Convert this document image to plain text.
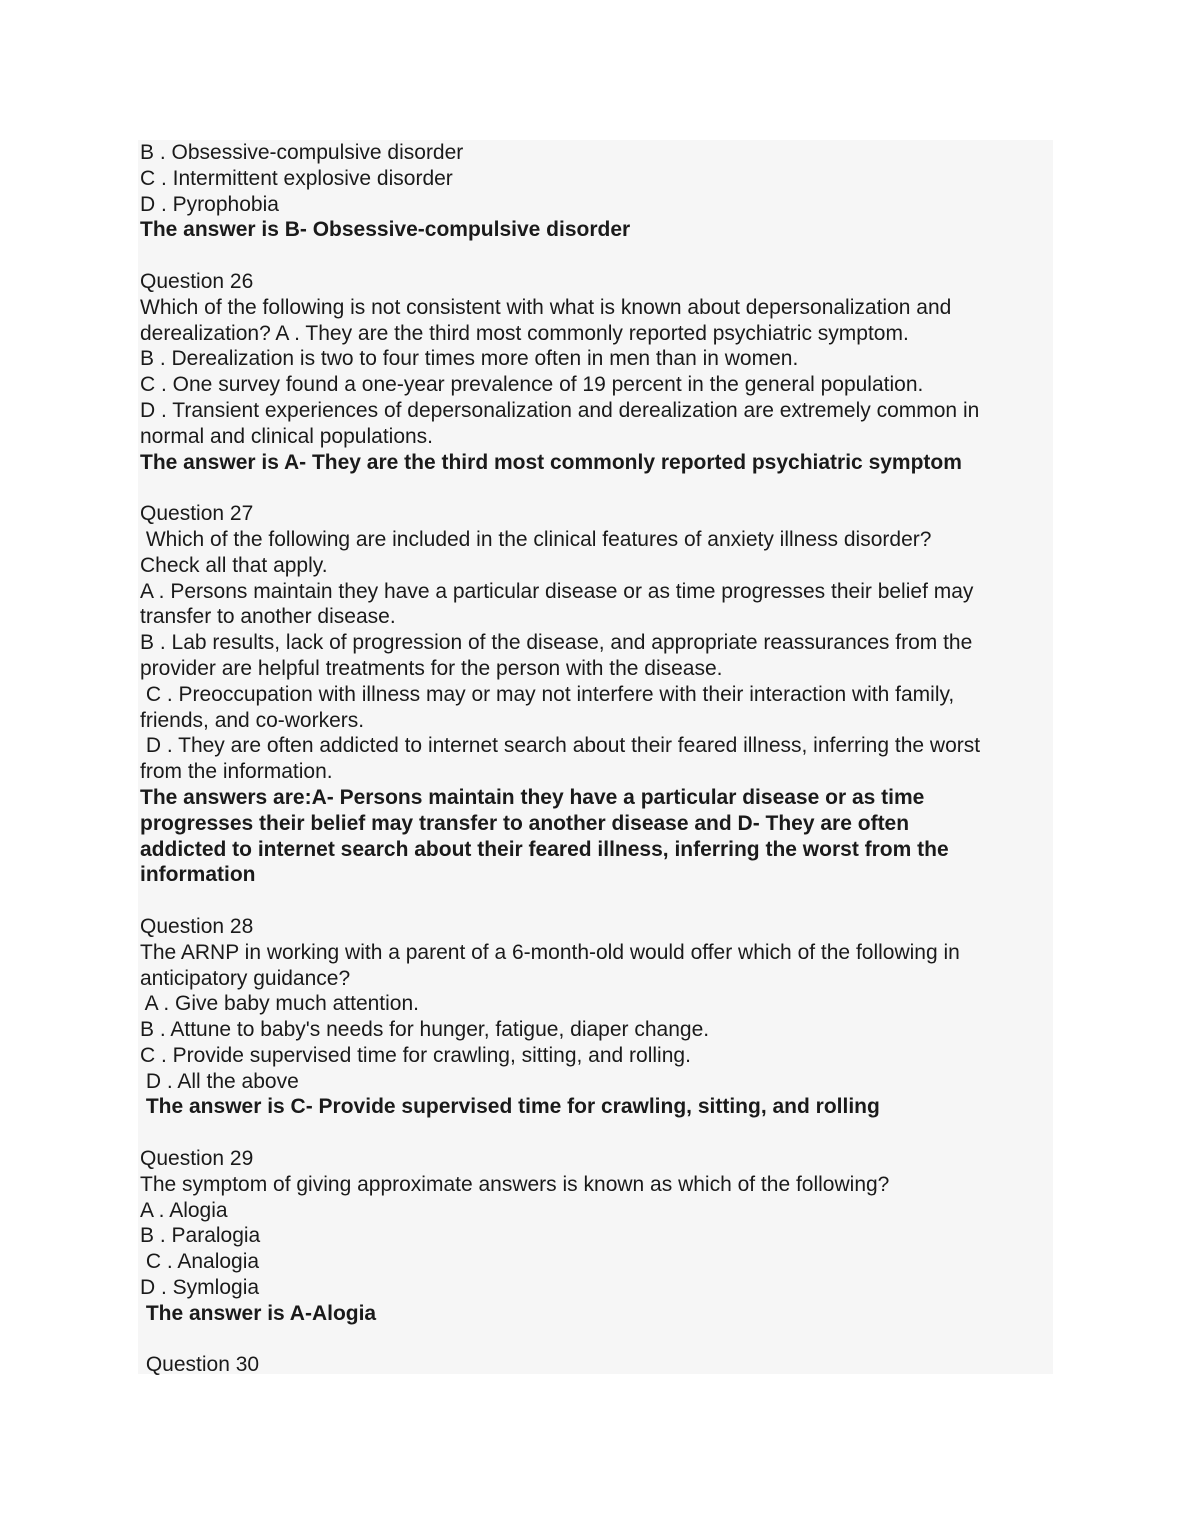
B . Obsessive-compulsive disorder
C . Intermittent explosive disorder
D . Pyrophobia
The answer is B- Obsessive-compulsive disorder
Question 26
Which of the following is not consistent with what is known about depersonalization and
derealization? A . They are the third most commonly reported psychiatric symptom.
B . Derealization is two to four times more often in men than in women.
C . One survey found a one-year prevalence of 19 percent in the general population.
D . Transient experiences of depersonalization and derealization are extremely common in
normal and clinical populations.
The answer is A- They are the third most commonly reported psychiatric symptom
Question 27
Which of the following are included in the clinical features of anxiety illness disorder?
Check all that apply.
A . Persons maintain they have a particular disease or as time progresses their belief may
transfer to another disease.
B . Lab results, lack of progression of the disease, and appropriate reassurances from the
provider are helpful treatments for the person with the disease.
C . Preoccupation with illness may or may not interfere with their interaction with family,
friends, and co-workers.
D . They are often addicted to internet search about their feared illness, inferring the worst
from the information.
The answers are:A- Persons maintain they have a particular disease or as time
progresses their belief may transfer to another disease and D- They are often
addicted to internet search about their feared illness, inferring the worst from the
information
Question 28
The ARNP in working with a parent of a 6-month-old would offer which of the following in
anticipatory guidance?
A . Give baby much attention.
B . Attune to baby's needs for hunger, fatigue, diaper change.
C . Provide supervised time for crawling, sitting, and rolling.
D . All the above
The answer is C- Provide supervised time for crawling, sitting, and rolling
Question 29
The symptom of giving approximate answers is known as which of the following?
A . Alogia
B . Paralogia
C . Analogia
D . Symlogia
The answer is A-Alogia
Question 30
